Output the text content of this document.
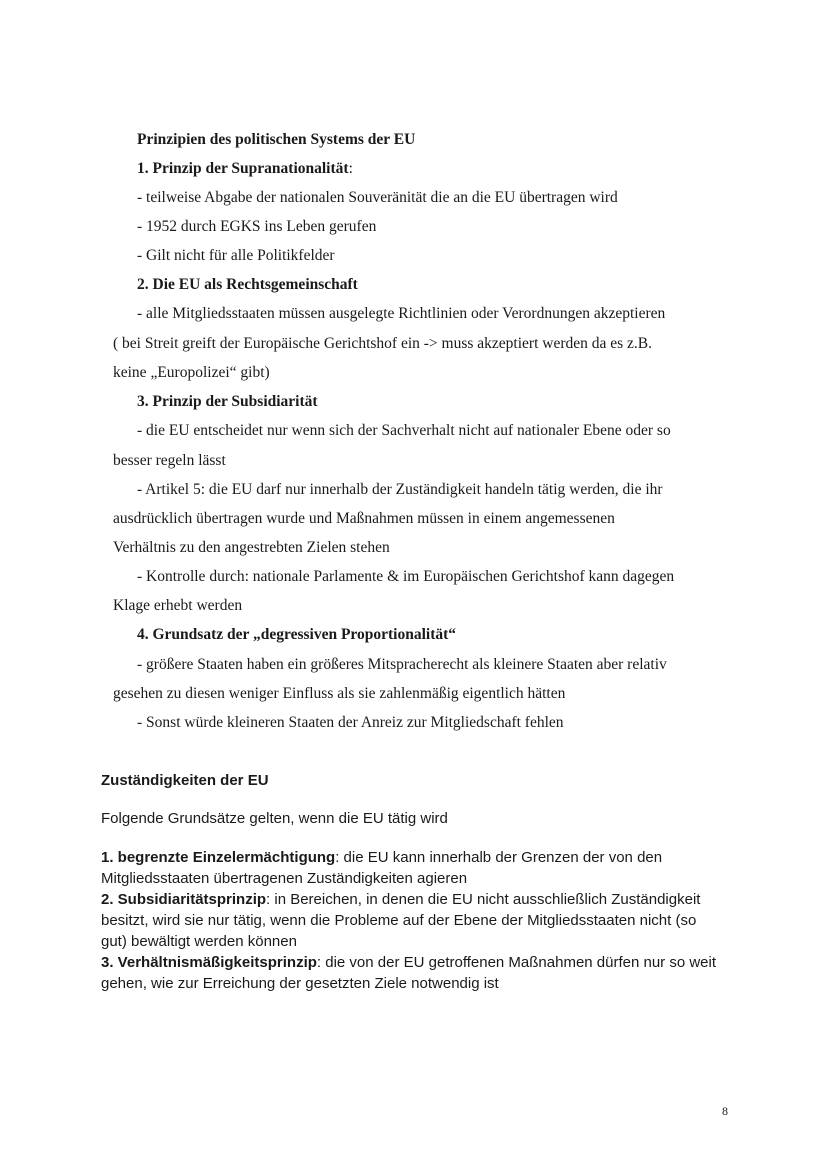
Prinzipien des politischen Systems der EU
1. Prinzip der Supranationalität:
- teilweise Abgabe der nationalen Souveränität die an die EU übertragen wird
- 1952 durch EGKS ins Leben gerufen
- Gilt nicht für alle Politikfelder
2. Die EU als Rechtsgemeinschaft
- alle Mitgliedsstaaten müssen ausgelegte Richtlinien oder Verordnungen akzeptieren
( bei Streit greift der Europäische Gerichtshof ein -> muss akzeptiert werden da es z.B.
keine „Europolizei“ gibt)
3. Prinzip der Subsidiarität
- die EU entscheidet nur wenn sich der Sachverhalt nicht auf nationaler Ebene oder so
besser regeln lässt
- Artikel 5: die EU darf nur innerhalb der Zuständigkeit handeln tätig werden, die ihr
ausdrücklich übertragen wurde und Maßnahmen müssen in einem angemessenen
Verhältnis zu den angestrebten Zielen stehen
- Kontrolle durch: nationale Parlamente & im Europäischen Gerichtshof kann dagegen
Klage erhebt werden
4. Grundsatz der „degressiven Proportionalität“
- größere Staaten haben ein größeres Mitspracherecht als kleinere Staaten aber relativ
gesehen zu diesen weniger Einfluss als sie zahlenmäßig eigentlich hätten
- Sonst würde kleineren Staaten der Anreiz zur Mitgliedschaft fehlen
Zuständigkeiten der EU
Folgende Grundsätze gelten, wenn die EU tätig wird
1. begrenzte Einzelermächtigung: die EU kann innerhalb der Grenzen der von den
Mitgliedsstaaten übertragenen Zuständigkeiten agieren
2. Subsidiaritätsprinzip: in Bereichen, in denen die EU nicht ausschließlich Zuständigkeit
besitzt, wird sie nur tätig, wenn die Probleme auf der Ebene der Mitgliedsstaaten nicht (so
gut) bewältigt werden können
3. Verhältnismäßigkeitsprinzip: die von der EU getroffenen Maßnahmen dürfen nur so weit
gehen, wie zur Erreichung der gesetzten Ziele notwendig ist
8
